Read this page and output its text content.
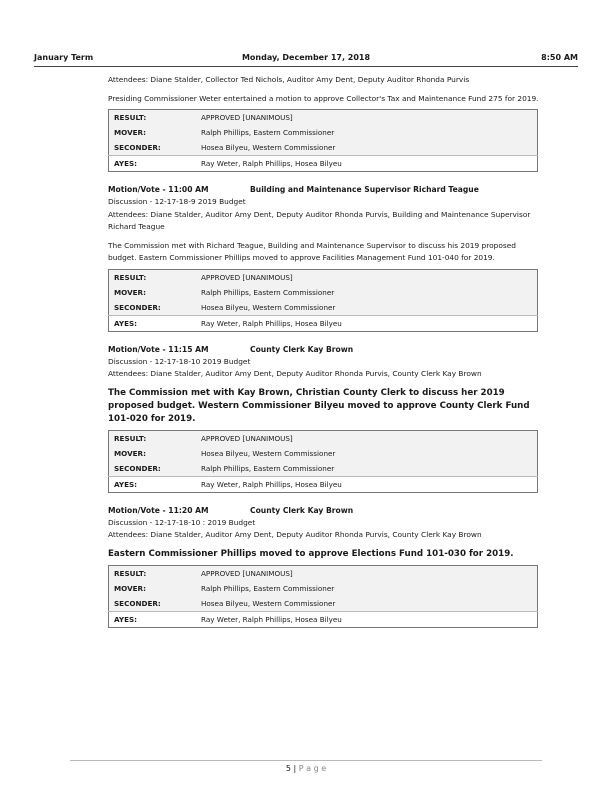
January Term	Monday, December 17, 2018	8:50 AM

Attendees: Diane Stalder, Collector Ted Nichols, Auditor Amy Dent, Deputy Auditor Rhonda Purvis

Presiding Commissioner Weter entertained a motion to approve Collector's Tax and Maintenance Fund 275 for 2019.

RESULT:	APPROVED [UNANIMOUS]
MOVER:	Ralph Phillips, Eastern Commissioner
SECONDER:	Hosea Bilyeu, Western Commissioner
AYES:	Ray Weter, Ralph Phillips, Hosea Bilyeu
Motion/Vote - 11:00 AM	Building and Maintenance Supervisor Richard Teague

Discussion - 12-17-18-9 2019 Budget

Attendees: Diane Stalder, Auditor Amy Dent, Deputy Auditor Rhonda Purvis, Building and Maintenance Supervisor Richard Teague

The Commission met with Richard Teague, Building and Maintenance Supervisor to discuss his 2019 proposed budget. Eastern Commissioner Phillips moved to approve Facilities Management Fund 101-040 for 2019.

RESULT:	APPROVED [UNANIMOUS]
MOVER:	Ralph Phillips, Eastern Commissioner
SECONDER:	Hosea Bilyeu, Western Commissioner
AYES:	Ray Weter, Ralph Phillips, Hosea Bilyeu
Motion/Vote - 11:15 AM	County Clerk Kay Brown

Discussion - 12-17-18-10 2019 Budget

Attendees: Diane Stalder, Auditor Amy Dent, Deputy Auditor Rhonda Purvis, County Clerk Kay Brown

The Commission met with Kay Brown, Christian County Clerk to discuss her 2019 proposed budget. Western Commissioner Bilyeu moved to approve County Clerk Fund 101-020 for 2019.

RESULT:	APPROVED [UNANIMOUS]
MOVER:	Hosea Bilyeu, Western Commissioner
SECONDER:	Ralph Phillips, Eastern Commissioner
AYES:	Ray Weter, Ralph Phillips, Hosea Bilyeu
Motion/Vote - 11:20 AM	County Clerk Kay Brown

Discussion - 12-17-18-10 : 2019 Budget

Attendees: Diane Stalder, Auditor Amy Dent, Deputy Auditor Rhonda Purvis, County Clerk Kay Brown

Eastern Commissioner Phillips moved to approve Elections Fund 101-030 for 2019.

RESULT:	APPROVED [UNANIMOUS]
MOVER:	Ralph Phillips, Eastern Commissioner
SECONDER:	Hosea Bilyeu, Western Commissioner
AYES:	Ray Weter, Ralph Phillips, Hosea Bilyeu
5 | P a g e
